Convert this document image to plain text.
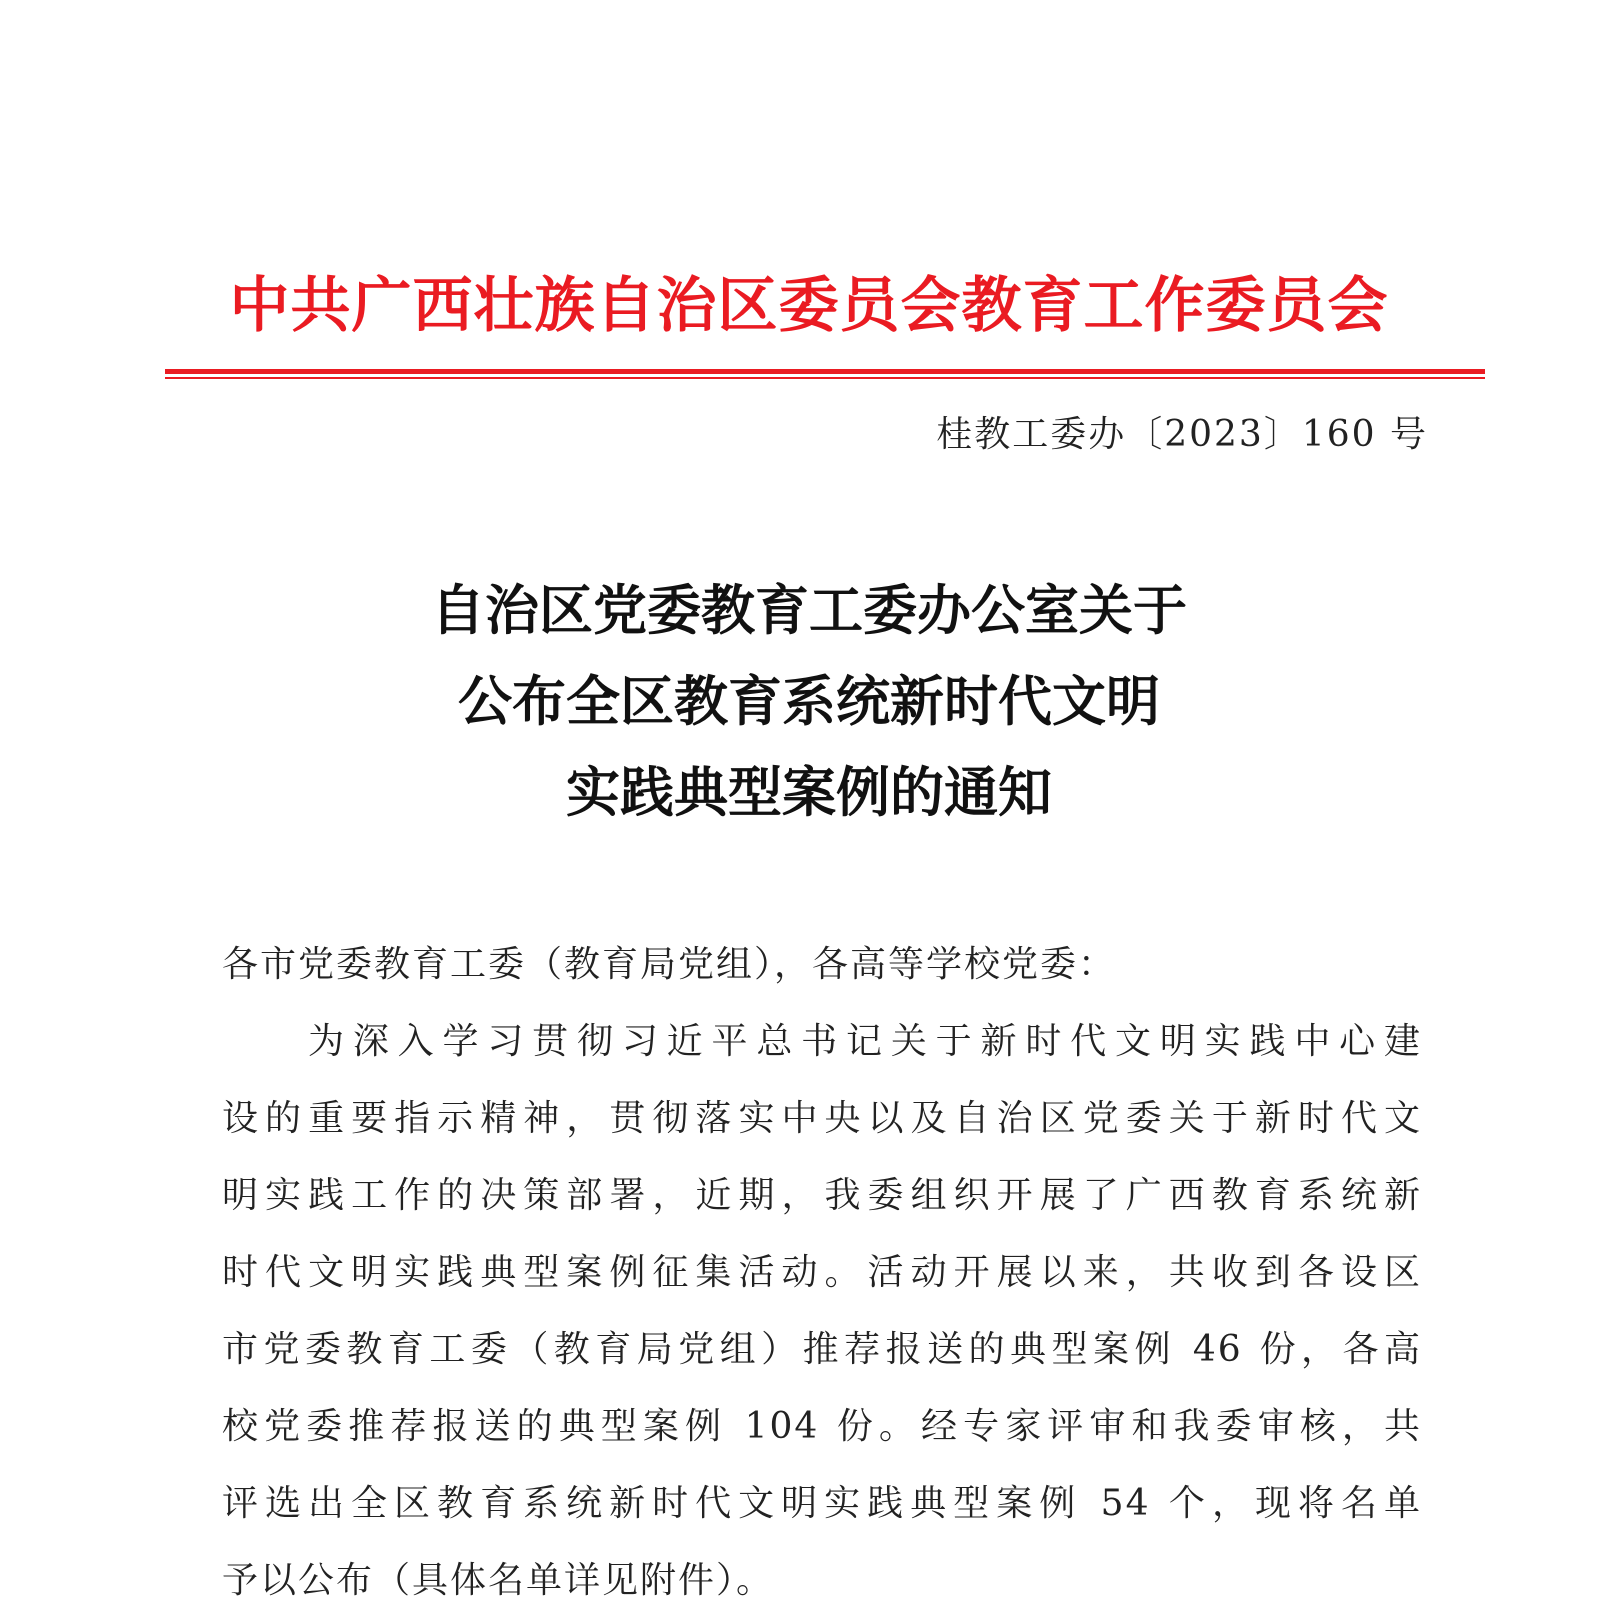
中共广西壮族自治区委员会教育工作委员会
桂教工委办〔2023〕160 号
自治区党委教育工委办公室关于
公布全区教育系统新时代文明
实践典型案例的通知
各市党委教育工委（教育局党组），各高等学校党委：
为深入学习贯彻习近平总书记关于新时代文明实践中心建
设的重要指示精神，贯彻落实中央以及自治区党委关于新时代文
明实践工作的决策部署，近期，我委组织开展了广西教育系统新
时代文明实践典型案例征集活动。活动开展以来，共收到各设区
市党委教育工委（教育局党组）推荐报送的典型案例 46 份，各高
校党委推荐报送的典型案例 104 份。经专家评审和我委审核，共
评选出全区教育系统新时代文明实践典型案例 54 个，现将名单
予以公布（具体名单详见附件）。
